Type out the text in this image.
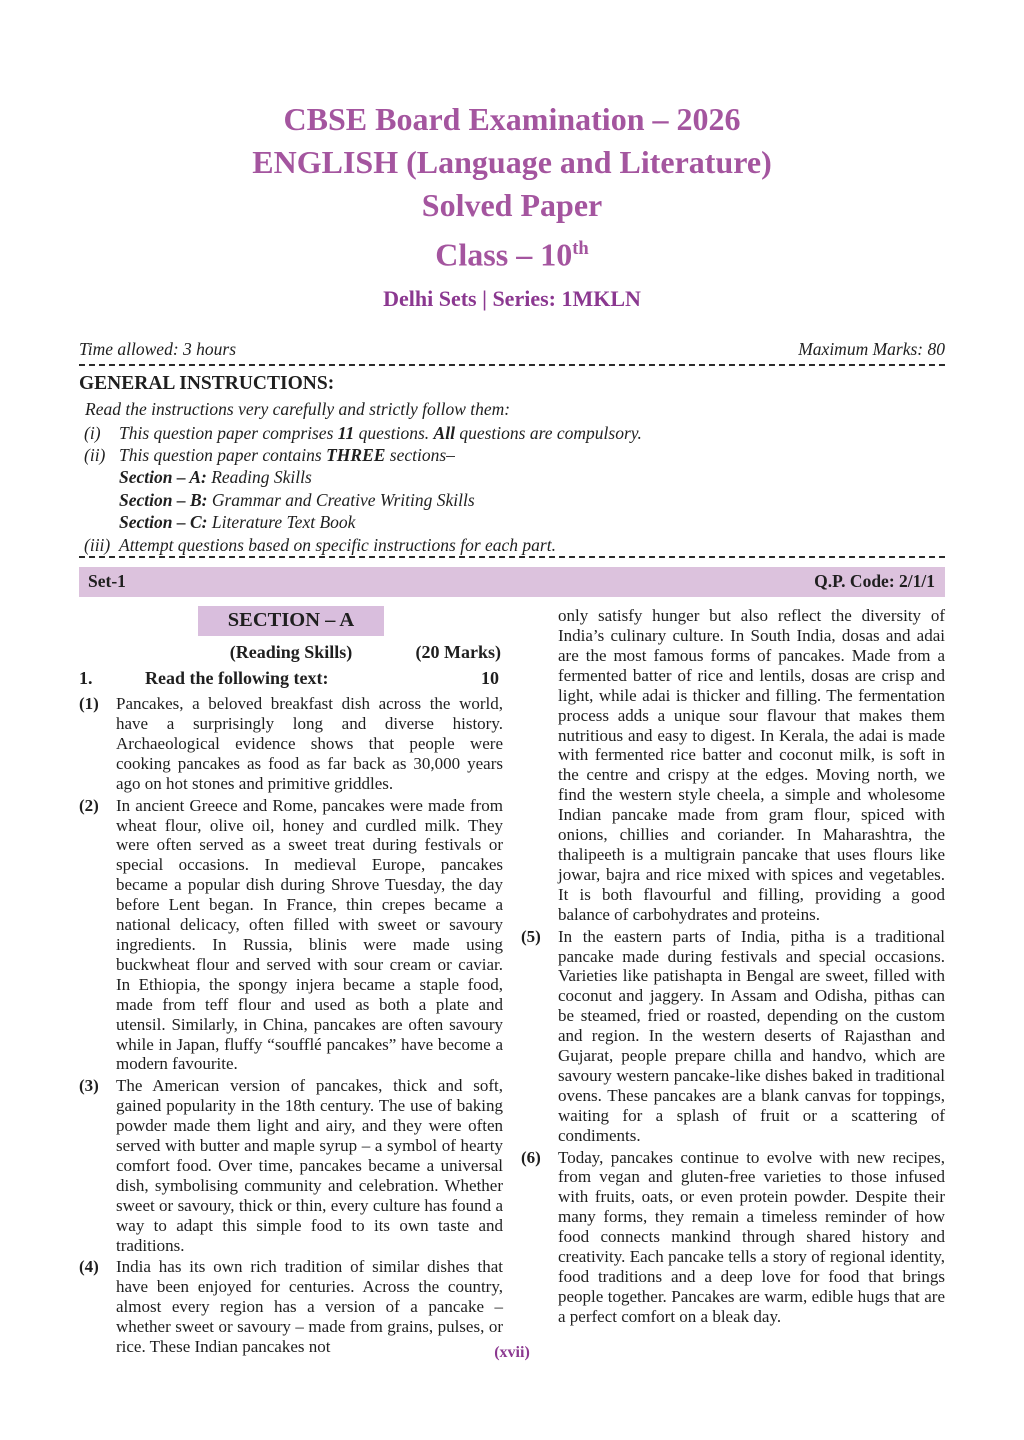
CBSE Board Examination – 2026
ENGLISH (Language and Literature)
Solved Paper
Class – 10th
Delhi Sets | Series: 1MKLN
Time allowed: 3 hours	Maximum Marks: 80
GENERAL INSTRUCTIONS:

Read the instructions very carefully and strictly follow them:

(i)	This question paper comprises 11 questions. All questions are compulsory.
(ii) This question paper contains THREE sections–
Section – A: Reading Skills
Section – B: Grammar and Creative Writing Skills
Section – C: Literature Text Book
(iii) Attempt questions based on specific instructions for each part.
Set-1	Q.P. Code: 2/1/1
SECTION – A
(Reading Skills)	(20 Marks)
1.	Read the following text:	10
(1)	Pancakes, a beloved breakfast dish across the world, have a surprisingly long and diverse history. Archaeological evidence shows that people were cooking pancakes as food as far back as 30,000 years ago on hot stones and primitive griddles.
(2)	In ancient Greece and Rome, pancakes were made from wheat flour, olive oil, honey and curdled milk. They were often served as a sweet treat during festivals or special occasions. In medieval Europe, pancakes became a popular dish during Shrove Tuesday, the day before Lent began. In France, thin crepes became a national delicacy, often filled with sweet or savoury ingredients. In Russia, blinis were made using buckwheat flour and served with sour cream or caviar. In Ethiopia, the spongy injera became a staple food, made from teff flour and used as both a plate and utensil. Similarly, in China, pancakes are often savoury while in Japan, fluffy “soufflé pancakes” have become a modern favourite.
(3)	The American version of pancakes, thick and soft, gained popularity in the 18th century. The use of baking powder made them light and airy, and they were often served with butter and maple syrup – a symbol of hearty comfort food. Over time, pancakes became a universal dish, symbolising community and celebration. Whether sweet or savoury, thick or thin, every culture has found a way to adapt this simple food to its own taste and traditions.
(4)	India has its own rich tradition of similar dishes that have been enjoyed for centuries. Across the country, almost every region has a version of a pancake – whether sweet or savoury – made from grains, pulses, or rice. These Indian pancakes not
only satisfy hunger but also reflect the diversity of India’s culinary culture. In South India, dosas and adai are the most famous forms of pancakes. Made from a fermented batter of rice and lentils, dosas are crisp and light, while adai is thicker and filling. The fermentation process adds a unique sour flavour that makes them nutritious and easy to digest. In Kerala, the adai is made with fermented rice batter and coconut milk, is soft in the centre and crispy at the edges. Moving north, we find the western style cheela, a simple and wholesome Indian pancake made from gram flour, spiced with onions, chillies and coriander. In Maharashtra, the thalipeeth is a multigrain pancake that uses flours like jowar, bajra and rice mixed with spices and vegetables. It is both flavourful and filling, providing a good balance of carbohydrates and proteins.
(5)	In the eastern parts of India, pitha is a traditional pancake made during festivals and special occasions. Varieties like patishapta in Bengal are sweet, filled with coconut and jaggery. In Assam and Odisha, pithas can be steamed, fried or roasted, depending on the custom and region. In the western deserts of Rajasthan and Gujarat, people prepare chilla and handvo, which are savoury western pancake-like dishes baked in traditional ovens. These pancakes are a blank canvas for toppings, waiting for a splash of fruit or a scattering of condiments.
(6)	Today, pancakes continue to evolve with new recipes, from vegan and gluten-free varieties to those infused with fruits, oats, or even protein powder. Despite their many forms, they remain a timeless reminder of how food connects mankind through shared history and creativity. Each pancake tells a story of regional identity, food traditions and a deep love for food that brings people together. Pancakes are warm, edible hugs that are a perfect comfort on a bleak day.
(xvii)
